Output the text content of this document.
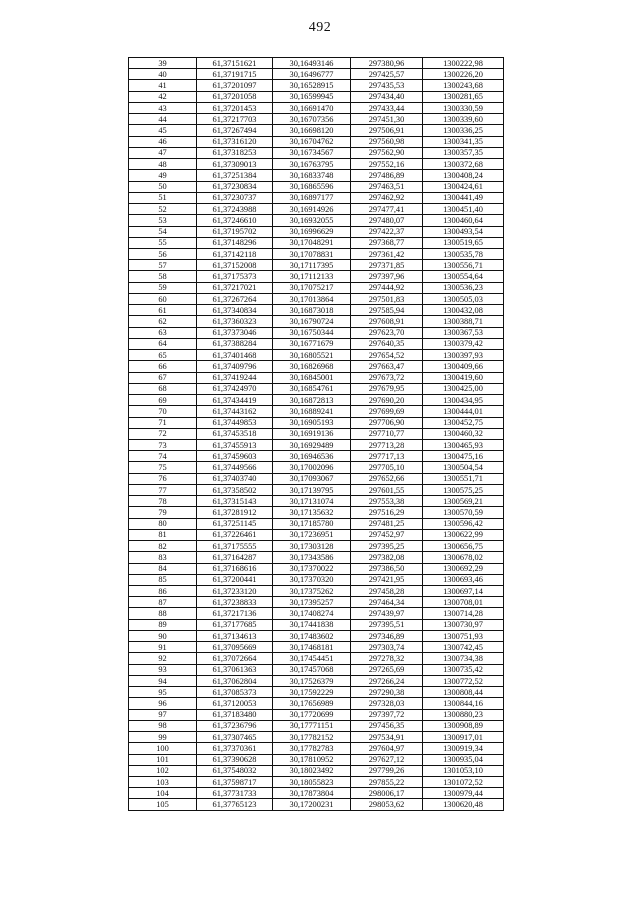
492
39	61,37151621	30,16493146	297380,96	1300222,98
40	61,37191715	30,16496777	297425,57	1300226,20
41	61,37201097	30,16528915	297435,53	1300243,68
42	61,37201058	30,16599945	297434,40	1300281,65
43	61,37201453	30,16691470	297433,44	1300330,59
44	61,37217703	30,16707356	297451,30	1300339,60
45	61,37267494	30,16698120	297506,91	1300336,25
46	61,37316120	30,16704762	297560,98	1300341,35
47	61,37318253	30,16734567	297562,90	1300357,35
48	61,37309013	30,16763795	297552,16	1300372,68
49	61,37251384	30,16833748	297486,89	1300408,24
50	61,37230834	30,16865596	297463,51	1300424,61
51	61,37230737	30,16897177	297462,92	1300441,49
52	61,37243988	30,16914926	297477,41	1300451,40
53	61,37246610	30,16932055	297480,07	1300460,64
54	61,37195702	30,16996629	297422,37	1300493,54
55	61,37148296	30,17048291	297368,77	1300519,65
56	61,37142118	30,17078831	297361,42	1300535,78
57	61,37152008	30,17117395	297371,85	1300556,71
58	61,37175373	30,17112133	297397,96	1300554,64
59	61,37217021	30,17075217	297444,92	1300536,23
60	61,37267264	30,17013864	297501,83	1300505,03
61	61,37340834	30,16873018	297585,94	1300432,08
62	61,37360323	30,16790724	297608,91	1300388,71
63	61,37373046	30,16750344	297623,70	1300367,53
64	61,37388284	30,16771679	297640,35	1300379,42
65	61,37401468	30,16805521	297654,52	1300397,93
66	61,37409796	30,16826968	297663,47	1300409,66
67	61,37419244	30,16845001	297673,72	1300419,60
68	61,37424970	30,16854761	297679,95	1300425,00
69	61,37434419	30,16872813	297690,20	1300434,95
70	61,37443162	30,16889241	297699,69	1300444,01
71	61,37449853	30,16905193	297706,90	1300452,75
72	61,37453518	30,16919136	297710,77	1300460,32
73	61,37455913	30,16929489	297713,28	1300465,93
74	61,37459603	30,16946536	297717,13	1300475,16
75	61,37449566	30,17002096	297705,10	1300504,54
76	61,37403740	30,17093067	297652,66	1300551,71
77	61,37358502	30,17139795	297601,55	1300575,25
78	61,37315143	30,17131074	297553,38	1300569,21
79	61,37281912	30,17135632	297516,29	1300570,59
80	61,37251145	30,17185780	297481,25	1300596,42
81	61,37226461	30,17236951	297452,97	1300622,99
82	61,37175555	30,17303128	297395,25	1300656,75
83	61,37164287	30,17343586	297382,08	1300678,02
84	61,37168616	30,17370022	297386,50	1300692,29
85	61,37200441	30,17370320	297421,95	1300693,46
86	61,37233120	30,17375262	297458,28	1300697,14
87	61,37238833	30,17395257	297464,34	1300708,01
88	61,37217136	30,17408274	297439,97	1300714,28
89	61,37177685	30,17441838	297395,51	1300730,97
90	61,37134613	30,17483602	297346,89	1300751,93
91	61,37095669	30,17468181	297303,74	1300742,45
92	61,37072664	30,17454451	297278,32	1300734,38
93	61,37061363	30,17457068	297265,69	1300735,42
94	61,37062804	30,17526379	297266,24	1300772,52
95	61,37085373	30,17592229	297290,38	1300808,44
96	61,37120053	30,17656989	297328,03	1300844,16
97	61,37183480	30,17720699	297397,72	1300880,23
98	61,37236796	30,17771151	297456,35	1300908,89
99	61,37307465	30,17782152	297534,91	1300917,01
100	61,37370361	30,17782783	297604,97	1300919,34
101	61,37390628	30,17810952	297627,12	1300935,04
102	61,37548032	30,18023492	297799,26	1301053,10
103	61,37598717	30,18055823	297855,22	1301072,52
104	61,37731733	30,17873804	298006,17	1300979,44
105	61,37765123	30,17200231	298053,62	1300620,48
